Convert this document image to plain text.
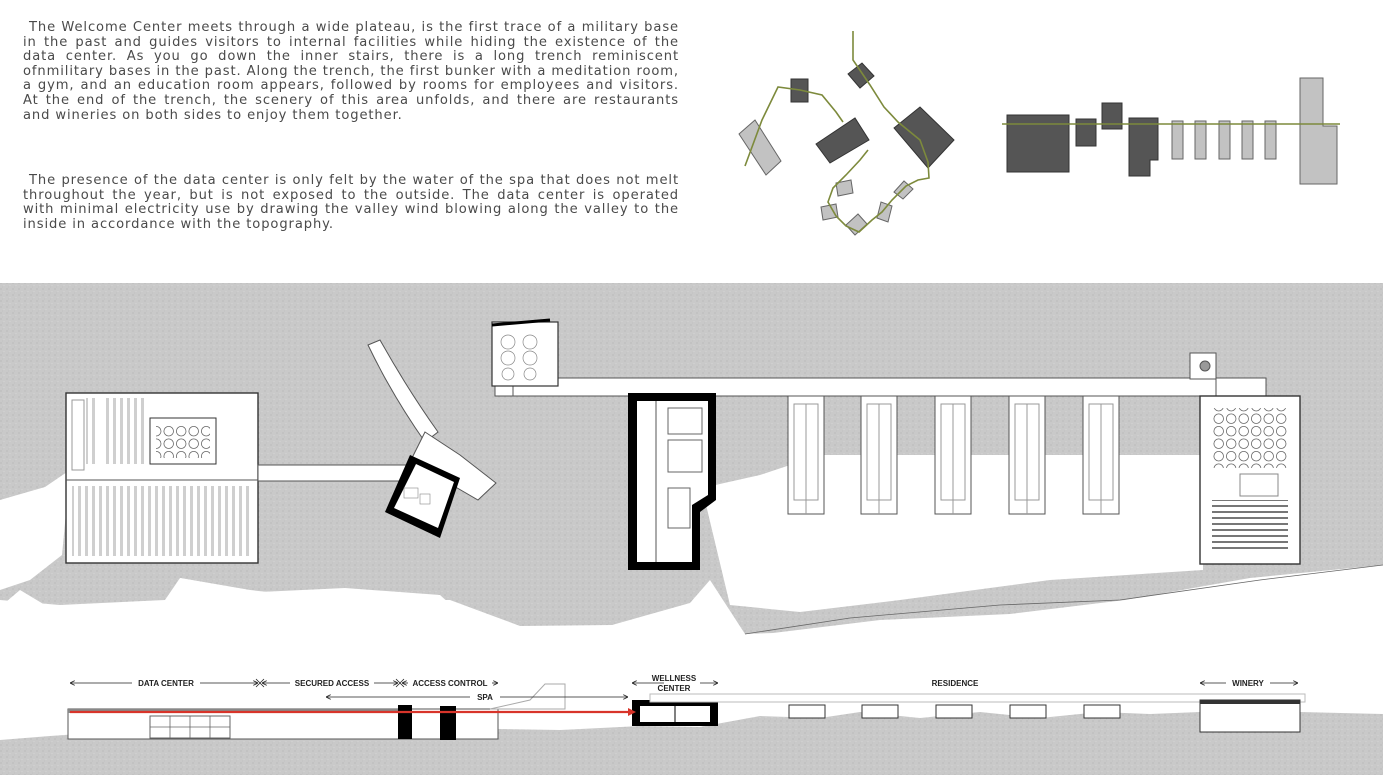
The Welcome Center meets through a wide plateau, is the first trace of a military base in the past and guides visitors to internal facilities while hiding the existence of the data center. As you go down the inner stairs, there is a long trench reminiscent ofnmilitary bases in the past. Along the trench, the first bunker with a meditation room, a gym, and an education room appears, followed by rooms for employees and visitors. At the end of the trench, the scenery of this area unfolds, and there are restaurants and wineries on both sides to enjoy them together.
The presence of the data center is only felt by the water of the spa that does not melt throughout the year, but is not exposed to the outside. The data center is operated with minimal electricity use by drawing the valley wind blowing along the valley to the inside in accordance with the topography.
DATA CENTER	SECURED ACCESS	ACCESS CONTROL
SPA
WELLNESS
CENTER
RESIDENCE	WINERY
